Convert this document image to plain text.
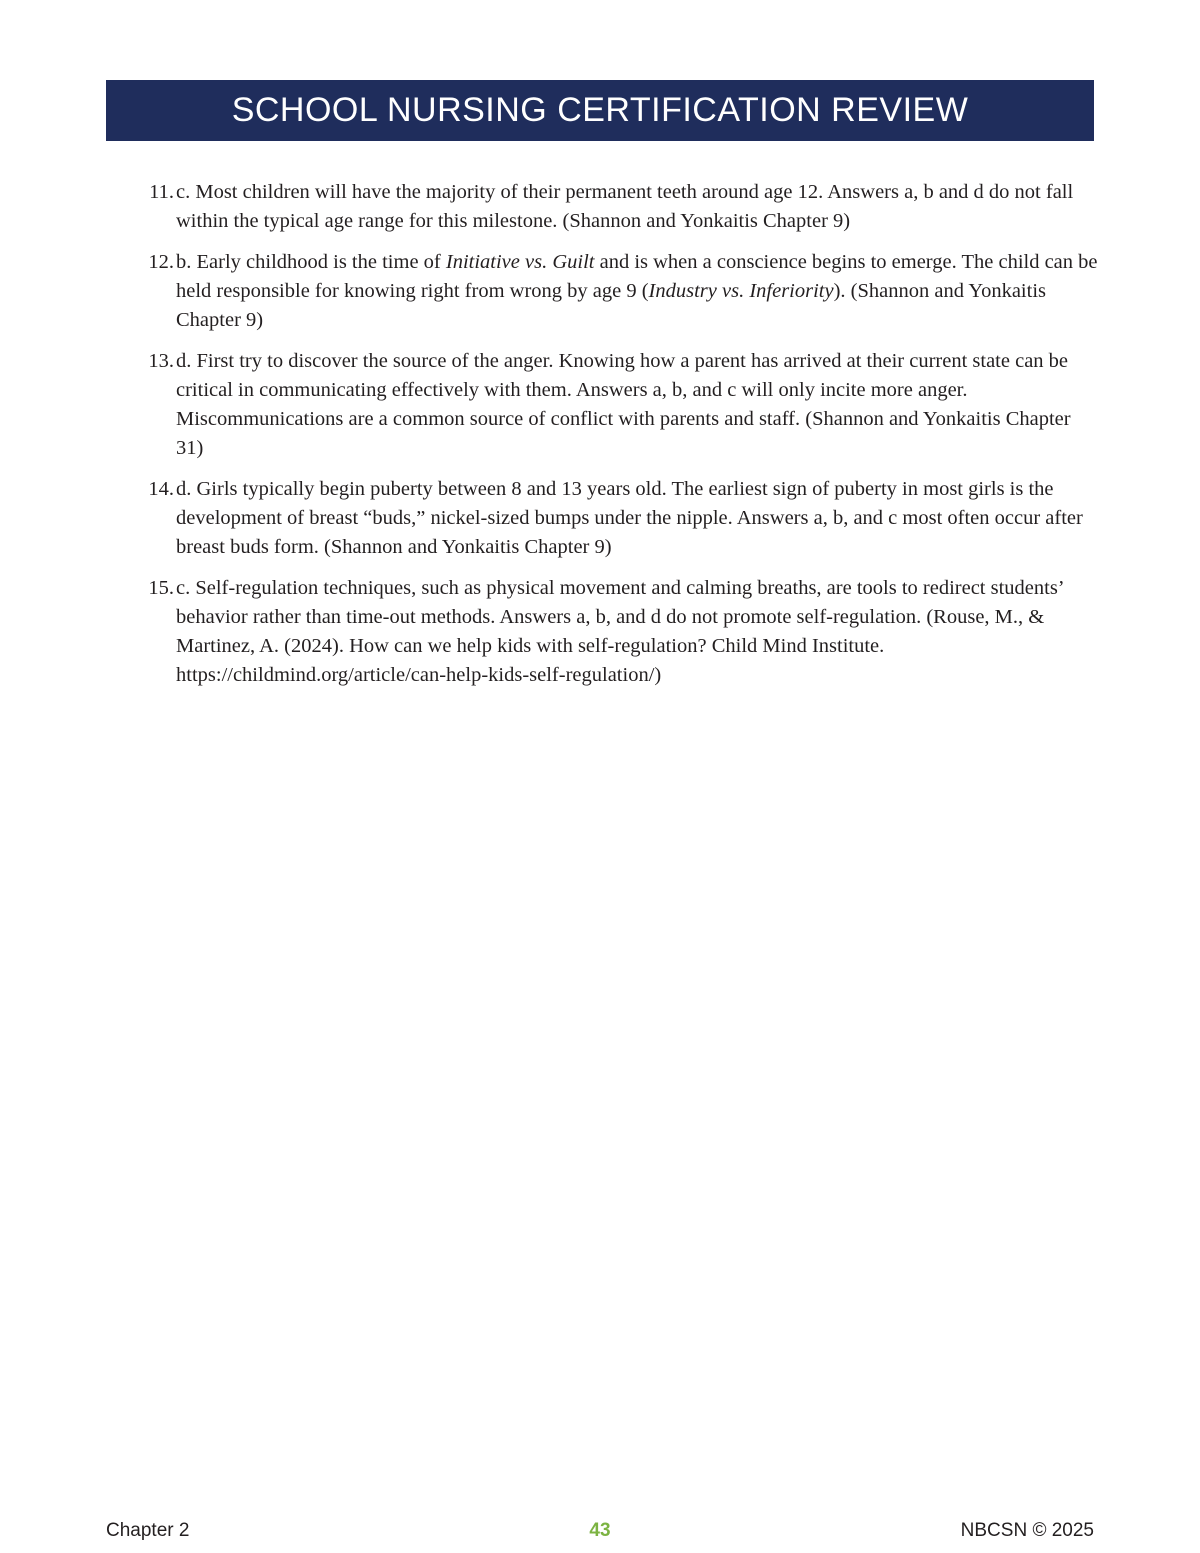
SCHOOL NURSING CERTIFICATION REVIEW
11. c. Most children will have the majority of their permanent teeth around age 12. Answers a, b and d do not fall within the typical age range for this milestone. (Shannon and Yonkaitis Chapter 9)
12. b. Early childhood is the time of Initiative vs. Guilt and is when a conscience begins to emerge. The child can be held responsible for knowing right from wrong by age 9 (Industry vs. Inferiority). (Shannon and Yonkaitis Chapter 9)
13. d. First try to discover the source of the anger. Knowing how a parent has arrived at their current state can be critical in communicating effectively with them. Answers a, b, and c will only incite more anger. Miscommunications are a common source of conflict with parents and staff. (Shannon and Yonkaitis Chapter 31)
14. d. Girls typically begin puberty between 8 and 13 years old. The earliest sign of puberty in most girls is the development of breast “buds,” nickel-sized bumps under the nipple. Answers a, b, and c most often occur after breast buds form. (Shannon and Yonkaitis Chapter 9)
15. c. Self-regulation techniques, such as physical movement and calming breaths, are tools to redirect students’ behavior rather than time-out methods. Answers a, b, and d do not promote self-regulation. (Rouse, M., & Martinez, A. (2024). How can we help kids with self-regulation? Child Mind Institute. https://childmind.org/article/can-help-kids-self-regulation/)
Chapter 2	43	NBCSN © 2025
